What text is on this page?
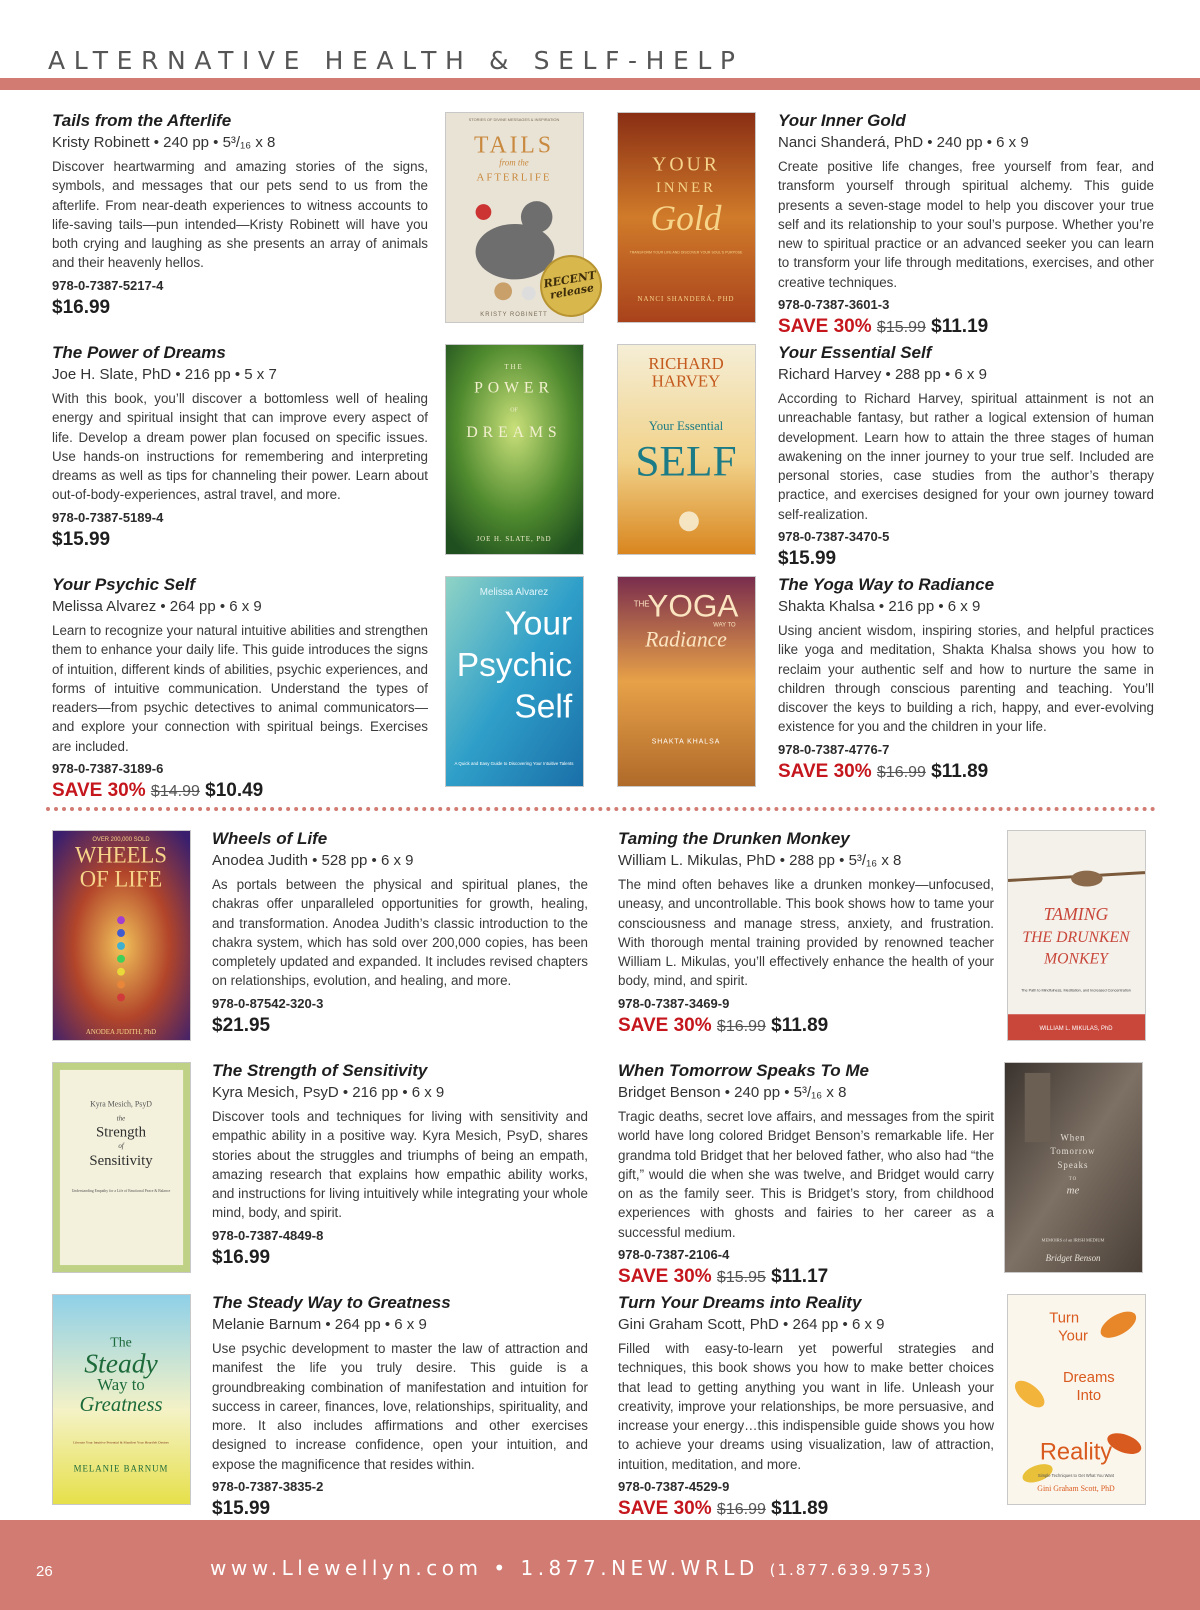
ALTERNATIVE HEALTH & SELF-HELP

Tails from the Afterlife

Kristy Robinett • 240 pp • 5³/₁₆ x 8

Discover heartwarming and amazing stories of the signs, symbols, and messages that our pets send to us from the afterlife. From near-death experiences to witness accounts to life-saving tails—pun intended—Kristy Robinett will have you both crying and laughing as she presents an array of animals and their heavenly hellos.

978-0-7387-5217-4

$16.99

STORIES OF DIVINE MESSAGES & INSPIRATION
TAILS
from the
AFTERLIFE
KRISTY ROBINETT
RECENT release
YOUR
INNER
Gold
TRANSFORM YOUR LIFE AND DISCOVER YOUR SOUL'S PURPOSE
NANCI SHANDERÁ, PHD

Your Inner Gold

Nanci Shanderá, PhD • 240 pp • 6 x 9

Create positive life changes, free yourself from fear, and transform yourself through spiritual alchemy. This guide presents a seven-stage model to help you discover your true self and its relationship to your soul’s purpose. Whether you’re new to spiritual practice or an advanced seeker you can learn to transform your life through meditations, exercises, and other creative techniques.

978-0-7387-3601-3

SAVE 30% $15.99 $11.19

The Power of Dreams

Joe H. Slate, PhD • 216 pp • 5 x 7

With this book, you’ll discover a bottomless well of healing energy and spiritual insight that can improve every aspect of life. Develop a dream power plan focused on specific issues. Use hands-on instructions for remembering and interpreting dreams as well as tips for channeling their power. Learn about out-of-body-experiences, astral travel, and more.

978-0-7387-5189-4

$15.99

THE
POWER
OF
DREAMS
JOE H. SLATE, PhD
RICHARD
HARVEY
Your Essential
SELF

Your Essential Self

Richard Harvey • 288 pp • 6 x 9

According to Richard Harvey, spiritual attainment is not an unreachable fantasy, but rather a logical extension of human development. Learn how to attain the three stages of human awakening on the inner journey to your true self. Included are personal stories, case studies from the author’s therapy practice, and exercises designed for your own journey toward self-realization.

978-0-7387-3470-5

$15.99

Your Psychic Self

Melissa Alvarez • 264 pp • 6 x 9

Learn to recognize your natural intuitive abilities and strengthen them to enhance your daily life. This guide introduces the signs of intuition, different kinds of abilities, psychic experiences, and forms of intuitive communication. Understand the types of readers—from psychic detectives to animal communicators—and explore your connection with spiritual beings. Exercises are included.

978-0-7387-3189-6

SAVE 30% $14.99 $10.49

Melissa Alvarez
Your
Psychic
Self
A Quick and Easy Guide to Discovering Your Intuitive Talents
THE
YOGA
WAY TO
Radiance
SHAKTA KHALSA

The Yoga Way to Radiance

Shakta Khalsa • 216 pp • 6 x 9

Using ancient wisdom, inspiring stories, and helpful practices like yoga and meditation, Shakta Khalsa shows you how to reclaim your authentic self and how to nurture the same in children through conscious parenting and teaching. You’ll discover the keys to building a rich, happy, and ever-evolving existence for you and the children in your life.

978-0-7387-4776-7

SAVE 30% $16.99 $11.89

OVER 200,000 SOLD
WHEELS
OF LIFE
ANODEA JUDITH, PhD

Wheels of Life

Anodea Judith • 528 pp • 6 x 9

As portals between the physical and spiritual planes, the chakras offer unparalleled opportunities for growth, healing, and transformation. Anodea Judith’s classic introduction to the chakra system, which has sold over 200,000 copies, has been completely updated and expanded. It includes revised chapters on relationships, evolution, and healing, and more.

978-0-87542-320-3

$21.95

Taming the Drunken Monkey

William L. Mikulas, PhD • 288 pp • 5³/₁₆ x 8

The mind often behaves like a drunken monkey—unfocused, uneasy, and uncontrollable. This book shows how to tame your consciousness and manage stress, anxiety, and frustration. With thorough mental training provided by renowned teacher William L. Mikulas, you’ll effectively enhance the health of your body, mind, and spirit.

978-0-7387-3469-9

SAVE 30% $16.99 $11.89

TAMING
THE DRUNKEN
MONKEY
The Path to Mindfulness, Meditation, and Increased Concentration
WILLIAM L. MIKULAS, PhD
Kyra Mesich, PsyD
the
Strength
of
Sensitivity
Understanding Empathy for a Life of Emotional Peace & Balance

The Strength of Sensitivity

Kyra Mesich, PsyD • 216 pp • 6 x 9

Discover tools and techniques for living with sensitivity and empathic ability in a positive way. Kyra Mesich, PsyD, shares stories about the struggles and triumphs of being an empath, amazing research that explains how empathic ability works, and instructions for living intuitively while integrating your whole mind, body, and spirit.

978-0-7387-4849-8

$16.99

When Tomorrow Speaks To Me

Bridget Benson • 240 pp • 5³/₁₆ x 8

Tragic deaths, secret love affairs, and messages from the spirit world have long colored Bridget Benson’s remarkable life. Her grandma told Bridget that her beloved father, who also had “the gift,” would die when she was twelve, and Bridget would carry on as the family seer. This is Bridget’s story, from childhood experiences with ghosts and fairies to her career as a successful medium.

978-0-7387-2106-4

SAVE 30% $15.95 $11.17

When
Tomorrow
Speaks
TO
me
MEMOIRS of an IRISH MEDIUM
Bridget Benson
The
Steady
Way to
Greatness
Liberate Your Intuitive Potential & Manifest Your Heartfelt Desires
MELANIE BARNUM

The Steady Way to Greatness

Melanie Barnum • 264 pp • 6 x 9

Use psychic development to master the law of attraction and manifest the life you truly desire. This guide is a groundbreaking combination of manifestation and intuition for success in career, finances, love, relationships, spirituality, and more. It also includes affirmations and other exercises designed to increase confidence, open your intuition, and expose the magnificence that resides within.

978-0-7387-3835-2

$15.99

Turn Your Dreams into Reality

Gini Graham Scott, PhD • 264 pp • 6 x 9

Filled with easy-to-learn yet powerful strategies and techniques, this book shows you how to make better choices that lead to getting anything you want in life. Unleash your creativity, improve your relationships, be more persuasive, and increase your energy…this indispensible guide shows you how to achieve your dreams using visualization, law of attraction, intuition, meditation, and more.

978-0-7387-4529-9

SAVE 30% $16.99 $11.89

Turn
Your
Dreams
Into
Reality
Simple Techniques to Get What You Want
Gini Graham Scott, PhD
26	www.Llewellyn.com • 1.877.NEW.WRLD (1.877.639.9753)
